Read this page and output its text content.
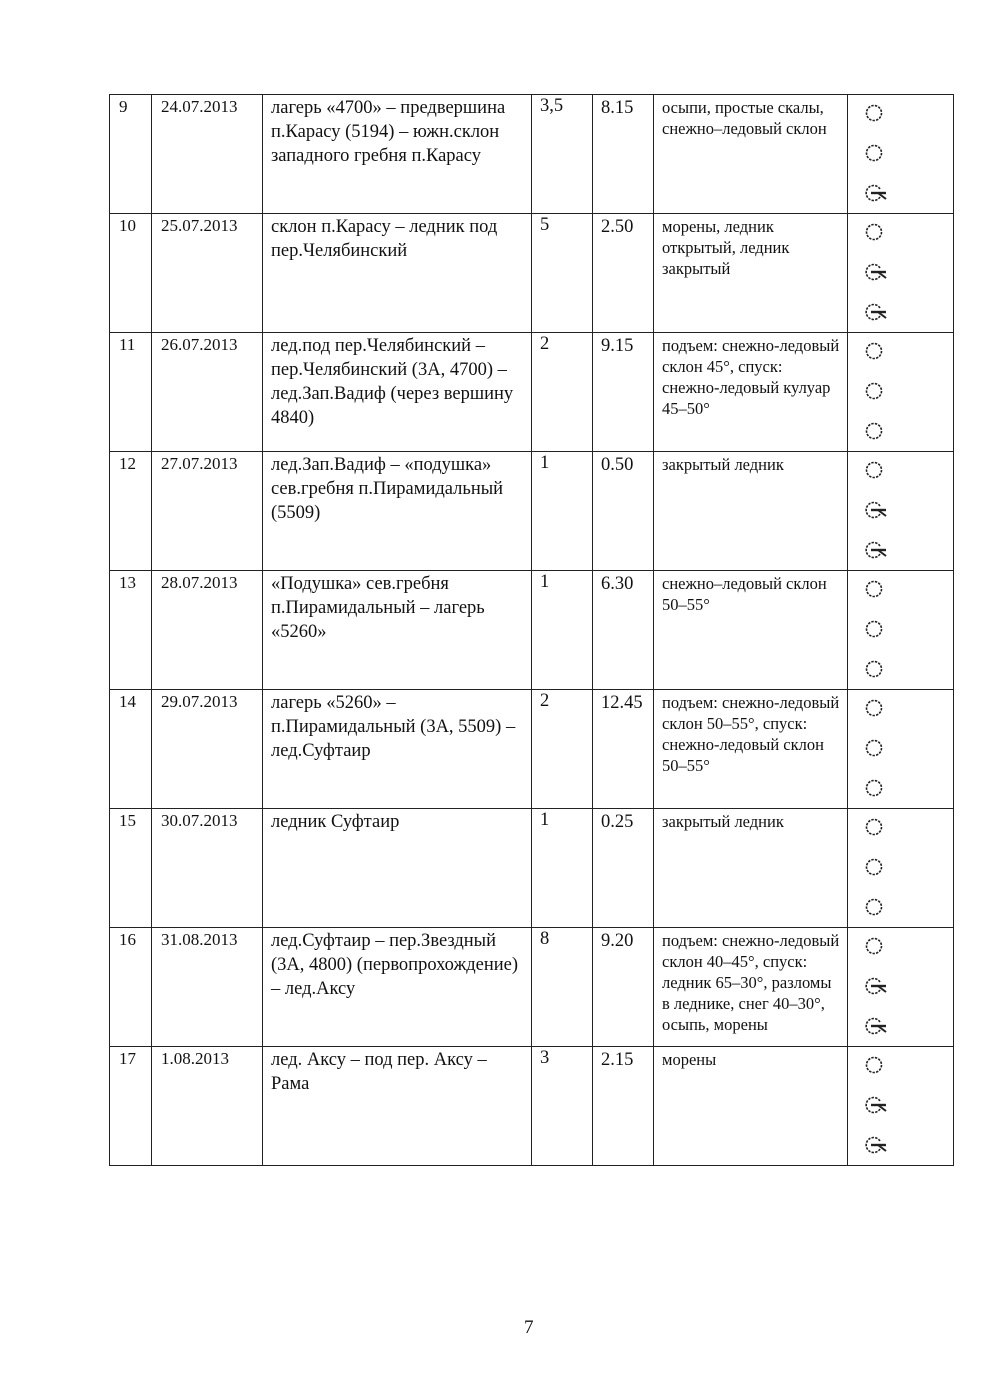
9	24.07.2013	лагерь «4700» – предвершина п.Карасу (5194) – южн.склон западного гребня п.Карасу	3,5	8.15	осыпи, простые скалы, снежно–ледовый склон	

10	25.07.2013	склон п.Карасу – ледник под пер.Челябинский	5	2.50	морены, ледник открытый, ледник закрытый	

11	26.07.2013	лед.под пер.Челябинский – пер.Челябинский (3А, 4700) – лед.Зап.Вадиф (через вершину 4840)	2	9.15	подъем: снежно-ледовый склон 45°, спуск: снежно-ледовый кулуар 45–50°	

12	27.07.2013	лед.Зап.Вадиф – «подушка» сев.гребня п.Пирамидальный (5509)	1	0.50	закрытый ледник	

13	28.07.2013	«Подушка» сев.гребня п.Пирамидальный – лагерь «5260»	1	6.30	снежно–ледовый склон 50–55°	

14	29.07.2013	лагерь «5260» – п.Пирамидальный (3А, 5509) – лед.Суфтаир	2	12.45	подъем: снежно-ледовый склон 50–55°, спуск: снежно-ледовый склон 50–55°	

15	30.07.2013	ледник Суфтаир	1	0.25	закрытый ледник	

16	31.08.2013	лед.Суфтаир – пер.Звездный (3А, 4800) (первопрохождение) – лед.Аксу	8	9.20	подъем: снежно-ледовый склон 40–45°, спуск: ледник 65–30°, разломы в леднике, снег 40–30°, осыпь, морены	

17	1.08.2013	лед. Аксу – под пер. Аксу – Рама	3	2.15	морены	
7
